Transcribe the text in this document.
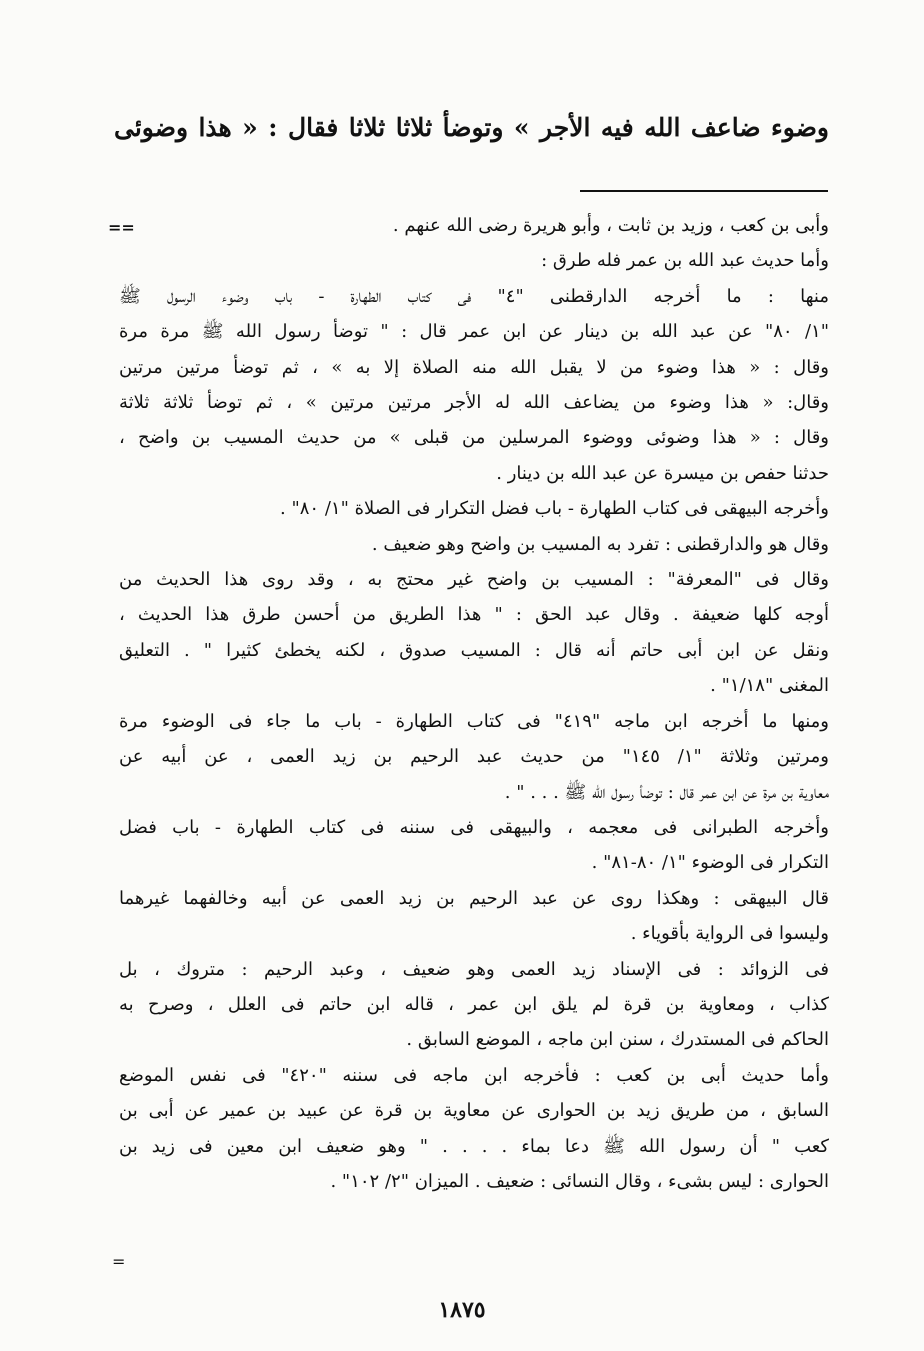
وضوء ضاعف الله فيه الأجر » وتوضأ ثلاثا ثلاثا فقال : « هذا وضوئى
==	وأبى بن كعب ، وزيد بن ثابت ، وأبو هريرة رضى الله عنهم .
وأما حديث عبد الله بن عمر فله طرق :
منها : ما أخرجه الدارقطنى "٤" فى كتاب الطهارة - باب وضوء الرسول ﷺ
"١/ ٨٠" عن عبد الله بن دينار عن ابن عمر قال : " توضأ رسول الله ﷺ مرة مرة
وقال : « هذا وضوء من لا يقبل الله منه الصلاة إلا به » ، ثم توضأ مرتين مرتين
وقال: « هذا وضوء من يضاعف الله له الأجر مرتين مرتين » ، ثم توضأ ثلاثة ثلاثة
وقال : « هذا وضوئى ووضوء المرسلين من قبلى » من حديث المسيب بن واضح ،
حدثنا حفص بن ميسرة عن عبد الله بن دينار .
وأخرجه البيهقى فى كتاب الطهارة - باب فضل التكرار فى الصلاة "١/ ٨٠" .
وقال هو والدارقطنى : تفرد به المسيب بن واضح وهو ضعيف .
وقال فى "المعرفة" : المسيب بن واضح غير محتج به ، وقد روى هذا الحديث من
أوجه كلها ضعيفة . وقال عبد الحق : " هذا الطريق من أحسن طرق هذا الحديث ،
ونقل عن ابن أبى حاتم أنه قال : المسيب صدوق ، لكنه يخطئ كثيرا " . التعليق
المغنى "١/١٨" .
ومنها ما أخرجه ابن ماجه "٤١٩" فى كتاب الطهارة - باب ما جاء فى الوضوء مرة
ومرتين وثلاثة "١/ ١٤٥" من حديث عبد الرحيم بن زيد العمى ، عن أبيه عن
معاوية بن مرة عن ابن عمر قال : توضأ رسول الله ﷺ . . . " .
وأخرجه الطبرانى فى معجمه ، والبيهقى فى سننه فى كتاب الطهارة - باب فضل
التكرار فى الوضوء "١/ ٨٠-٨١" .
قال البيهقى : وهكذا روى عن عبد الرحيم بن زيد العمى عن أبيه وخالفهما غيرهما
وليسوا فى الرواية بأقوياء .
فى الزوائد : فى الإسناد زيد العمى وهو ضعيف ، وعبد الرحيم : متروك ، بل
كذاب ، ومعاوية بن قرة لم يلق ابن عمر ، قاله ابن حاتم فى العلل ، وصرح به
الحاكم فى المستدرك ، سنن ابن ماجه ، الموضع السابق .
وأما حديث أبى بن كعب : فأخرجه ابن ماجه فى سننه "٤٢٠" فى نفس الموضع
السابق ، من طريق زيد بن الحوارى عن معاوية بن قرة عن عبيد بن عمير عن أبى بن
كعب " أن رسول الله ﷺ دعا بماء . . . . " وهو ضعيف ابن معين فى زيد بن
الحوارى : ليس بشىء ، وقال النسائى : ضعيف . الميزان "٢/ ١٠٢" .
=
١٨٧٥
